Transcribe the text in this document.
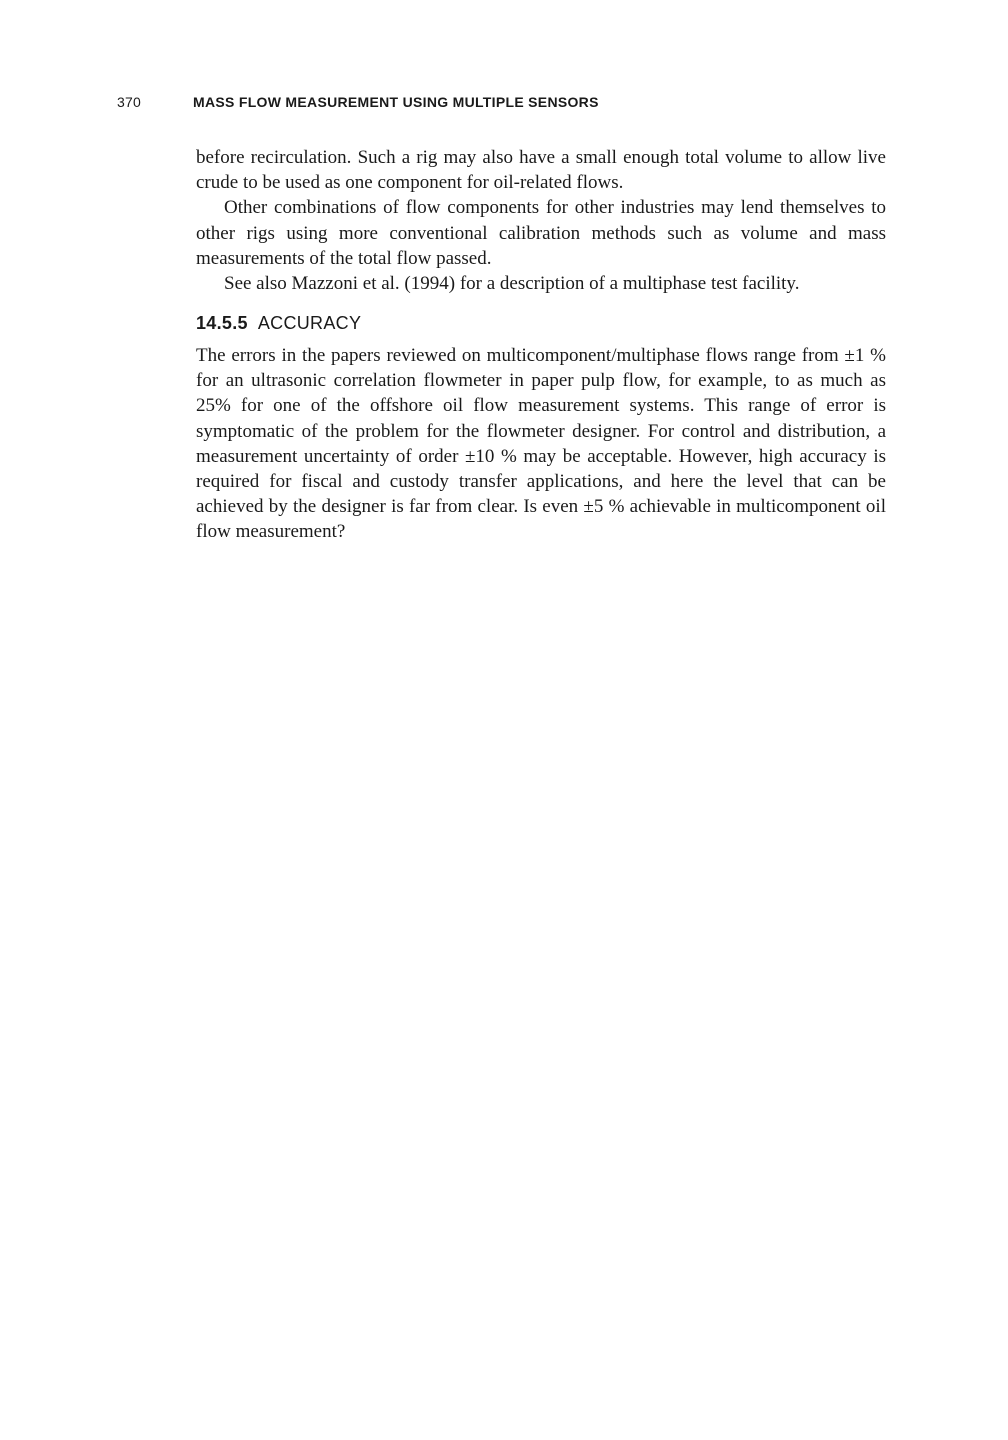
370	MASS FLOW MEASUREMENT USING MULTIPLE SENSORS

before recirculation. Such a rig may also have a small enough total volume to allow live crude to be used as one component for oil-related flows.

Other combinations of flow components for other industries may lend themselves to other rigs using more conventional calibration methods such as volume and mass measurements of the total flow passed.

See also Mazzoni et al. (1994) for a description of a multiphase test facility.

14.5.5 ACCURACY

The errors in the papers reviewed on multicomponent/multiphase flows range from ±1 % for an ultrasonic correlation flowmeter in paper pulp flow, for example, to as much as 25% for one of the offshore oil flow measurement systems. This range of error is symptomatic of the problem for the flowmeter designer. For control and distribution, a measurement uncertainty of order ±10 % may be acceptable. However, high accuracy is required for fiscal and custody transfer applications, and here the level that can be achieved by the designer is far from clear. Is even ±5 % achievable in multicomponent oil flow measurement?
